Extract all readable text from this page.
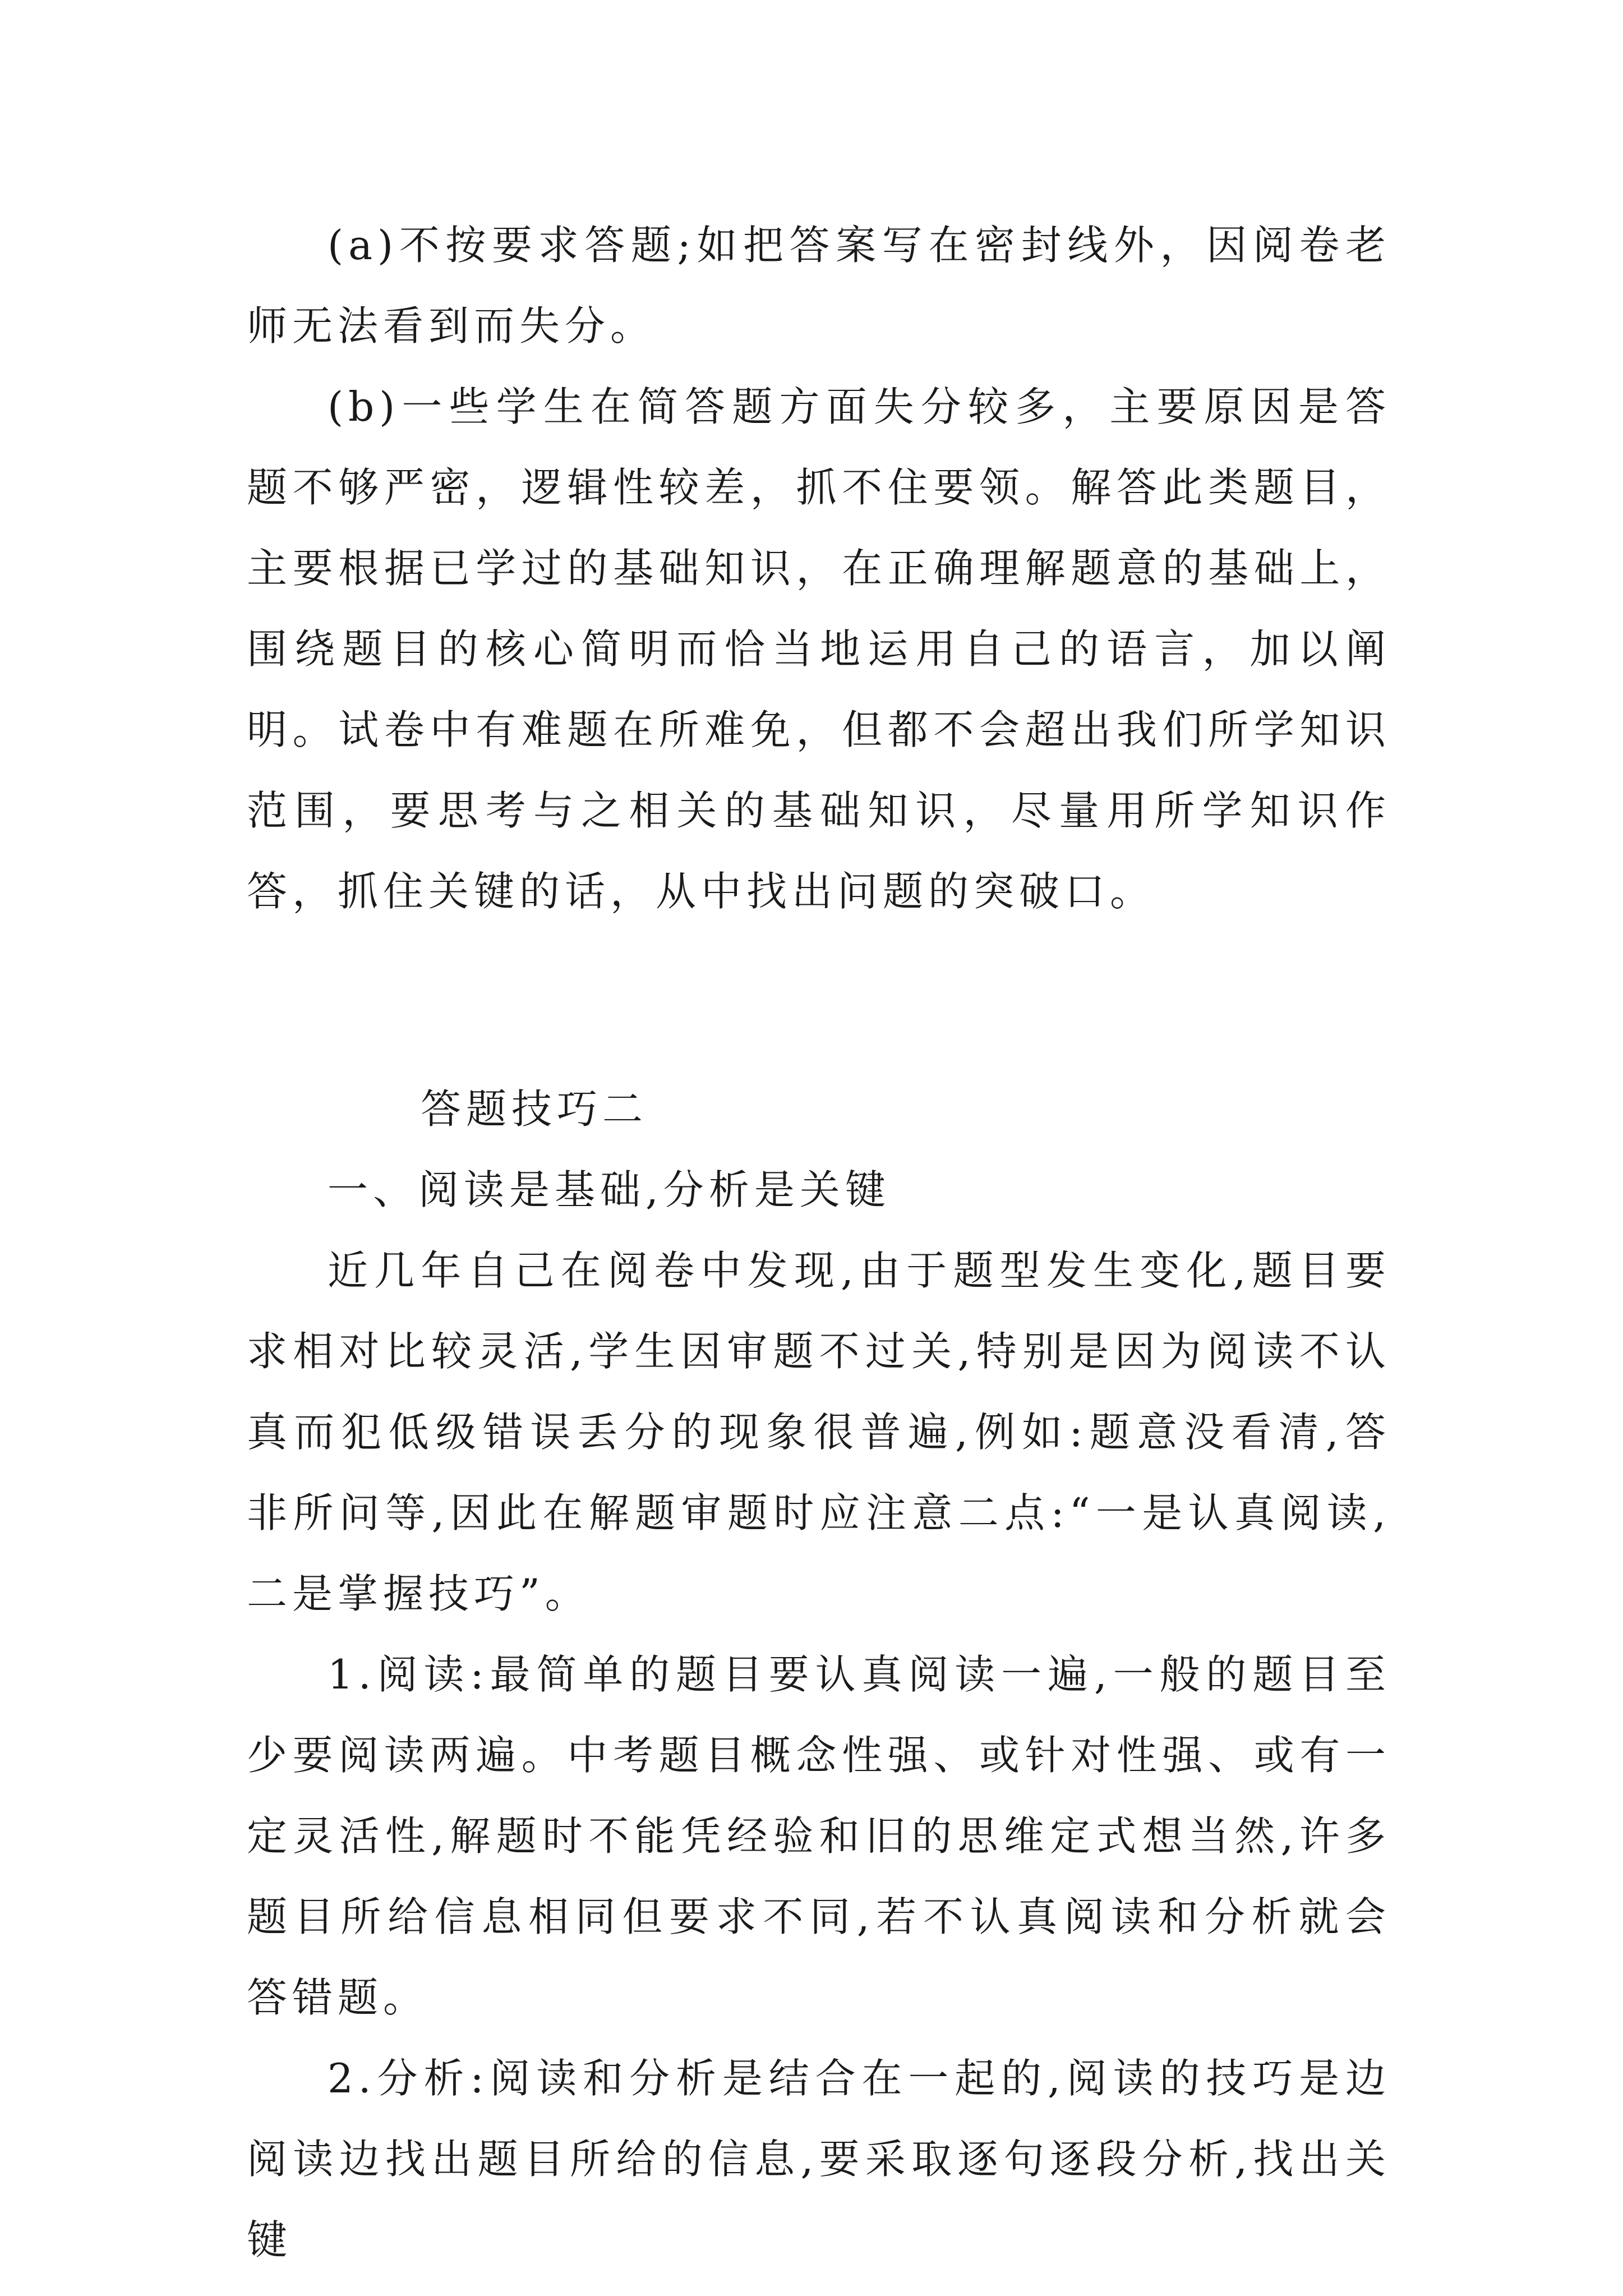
(a)不按要求答题;如把答案写在密封线外，因阅卷老师无法看到而失分。

(b)一些学生在简答题方面失分较多，主要原因是答题不够严密，逻辑性较差，抓不住要领。解答此类题目，主要根据已学过的基础知识，在正确理解题意的基础上，围绕题目的核心简明而恰当地运用自己的语言，加以阐明。试卷中有难题在所难免，但都不会超出我们所学知识范围，要思考与之相关的基础知识，尽量用所学知识作答，抓住关键的话，从中找出问题的突破口。

答题技巧二

一、阅读是基础,分析是关键

近几年自己在阅卷中发现,由于题型发生变化,题目要求相对比较灵活,学生因审题不过关,特别是因为阅读不认真而犯低级错误丢分的现象很普遍,例如:题意没看清,答非所问等,因此在解题审题时应注意二点:“一是认真阅读,二是掌握技巧”。

1.阅读:最简单的题目要认真阅读一遍,一般的题目至少要阅读两遍。中考题目概念性强、或针对性强、或有一定灵活性,解题时不能凭经验和旧的思维定式想当然,许多题目所给信息相同但要求不同,若不认真阅读和分析就会答错题。

2.分析:阅读和分析是结合在一起的,阅读的技巧是边阅读边找出题目所给的信息,要采取逐句逐段分析,找出关键
